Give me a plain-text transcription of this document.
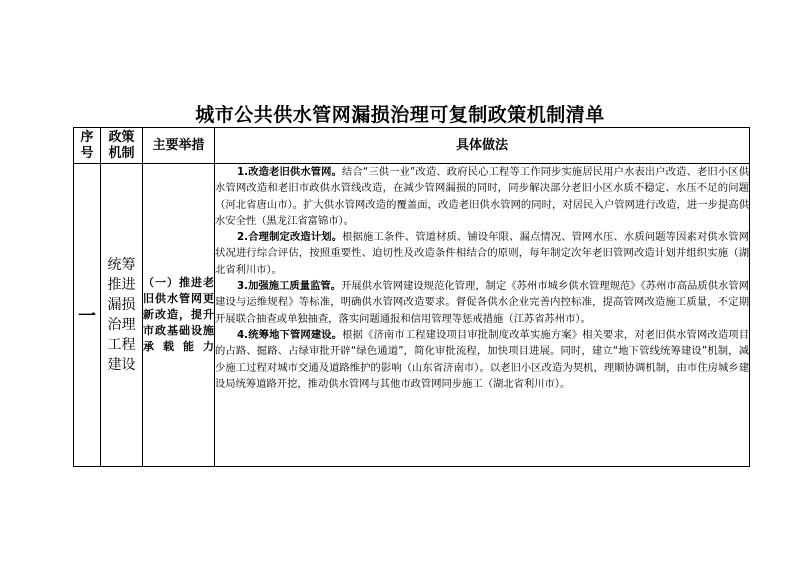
城市公共供水管网漏损治理可复制政策机制清单
序号	政策机制	主要举措	具体做法
一	统筹推进漏损治理工程建设	（一）推进老旧供水管网更新改造，提升市政基础设施承载能力	1.改造老旧供水管网。结合“三供一业”改造、政府民心工程等工作同步实施居民用户水表出户改造、老旧小区供水管网改造和老旧市政供水管线改造，在减少管网漏损的同时，同步解决部分老旧小区水质不稳定、水压不足的问题（河北省唐山市）。扩大供水管网改造的覆盖面，改造老旧供水管网的同时，对居民入户管网进行改造，进一步提高供水安全性（黑龙江省富锦市）。

2.合理制定改造计划。根据施工条件、管道材质、铺设年限、漏点情况、管网水压、水质问题等因素对供水管网状况进行综合评估，按照重要性、迫切性及改造条件相结合的原则，每年制定次年老旧管网改造计划并组织实施（湖北省利川市）。

3.加强施工质量监管。开展供水管网建设规范化管理，制定《苏州市城乡供水管理规范》《苏州市高品质供水管网建设与运维规程》等标准，明确供水管网改造要求。督促各供水企业完善内控标准，提高管网改造施工质量，不定期开展联合抽查或单独抽查，落实问题通报和信用管理等惩戒措施（江苏省苏州市）。

4.统筹地下管网建设。根据《济南市工程建设项目审批制度改革实施方案》相关要求，对老旧供水管网改造项目的占路、掘路、占绿审批开辟“绿色通道”，简化审批流程，加快项目进展。同时，建立“地下管线统筹建设”机制，减少施工过程对城市交通及道路维护的影响（山东省济南市）。以老旧小区改造为契机，理顺协调机制，由市住房城乡建设局统筹道路开挖，推动供水管网与其他市政管网同步施工（湖北省利川市）。
